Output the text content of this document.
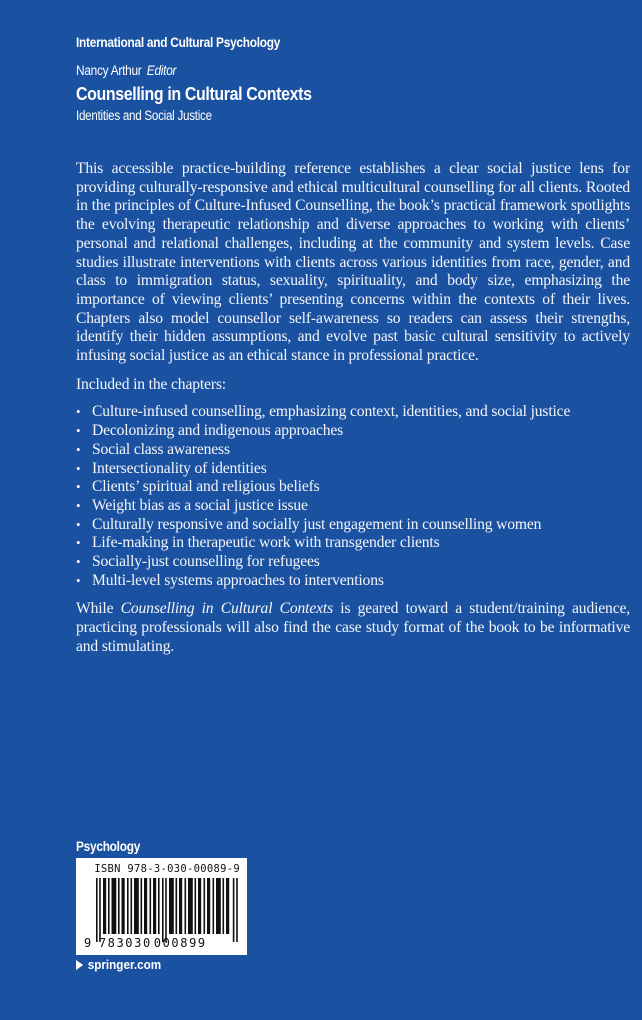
International and Cultural Psychology
Nancy Arthur Editor
Counselling in Cultural Contexts
Identities and Social Justice

This accessible practice-building reference establishes a clear social justice lens for providing culturally-responsive and ethical multicultural counselling for all clients. Rooted in the principles of Culture-Infused Counselling, the book’s practical framework spotlights the evolving therapeutic relationship and diverse approaches to working with clients’ personal and relational challenges, including at the community and system levels. Case studies illustrate interventions with clients across various identities from race, gender, and class to immigration status, sexuality, spirituality, and body size, emphasizing the importance of viewing clients’ presenting concerns within the contexts of their lives. Chapters also model counsellor self-awareness so readers can assess their strengths, identify their hidden assumptions, and evolve past basic cultural sensitivity to actively infusing social justice as an ethical stance in professional practice.

Included in the chapters:

• Culture-infused counselling, emphasizing context, identities, and social justice
• Decolonizing and indigenous approaches
• Social class awareness
• Intersectionality of identities
• Clients’ spiritual and religious beliefs
• Weight bias as a social justice issue
• Culturally responsive and socially just engagement in counselling women
• Life-making in therapeutic work with transgender clients
• Socially-just counselling for refugees
• Multi-level systems approaches to interventions

While Counselling in Cultural Contexts is geared toward a student/training audience, practicing professionals will also find the case study format of the book to be informative and stimulating.

Psychology
ISBN 978-3-030-00089-9
9 783030 000899
springer.com
